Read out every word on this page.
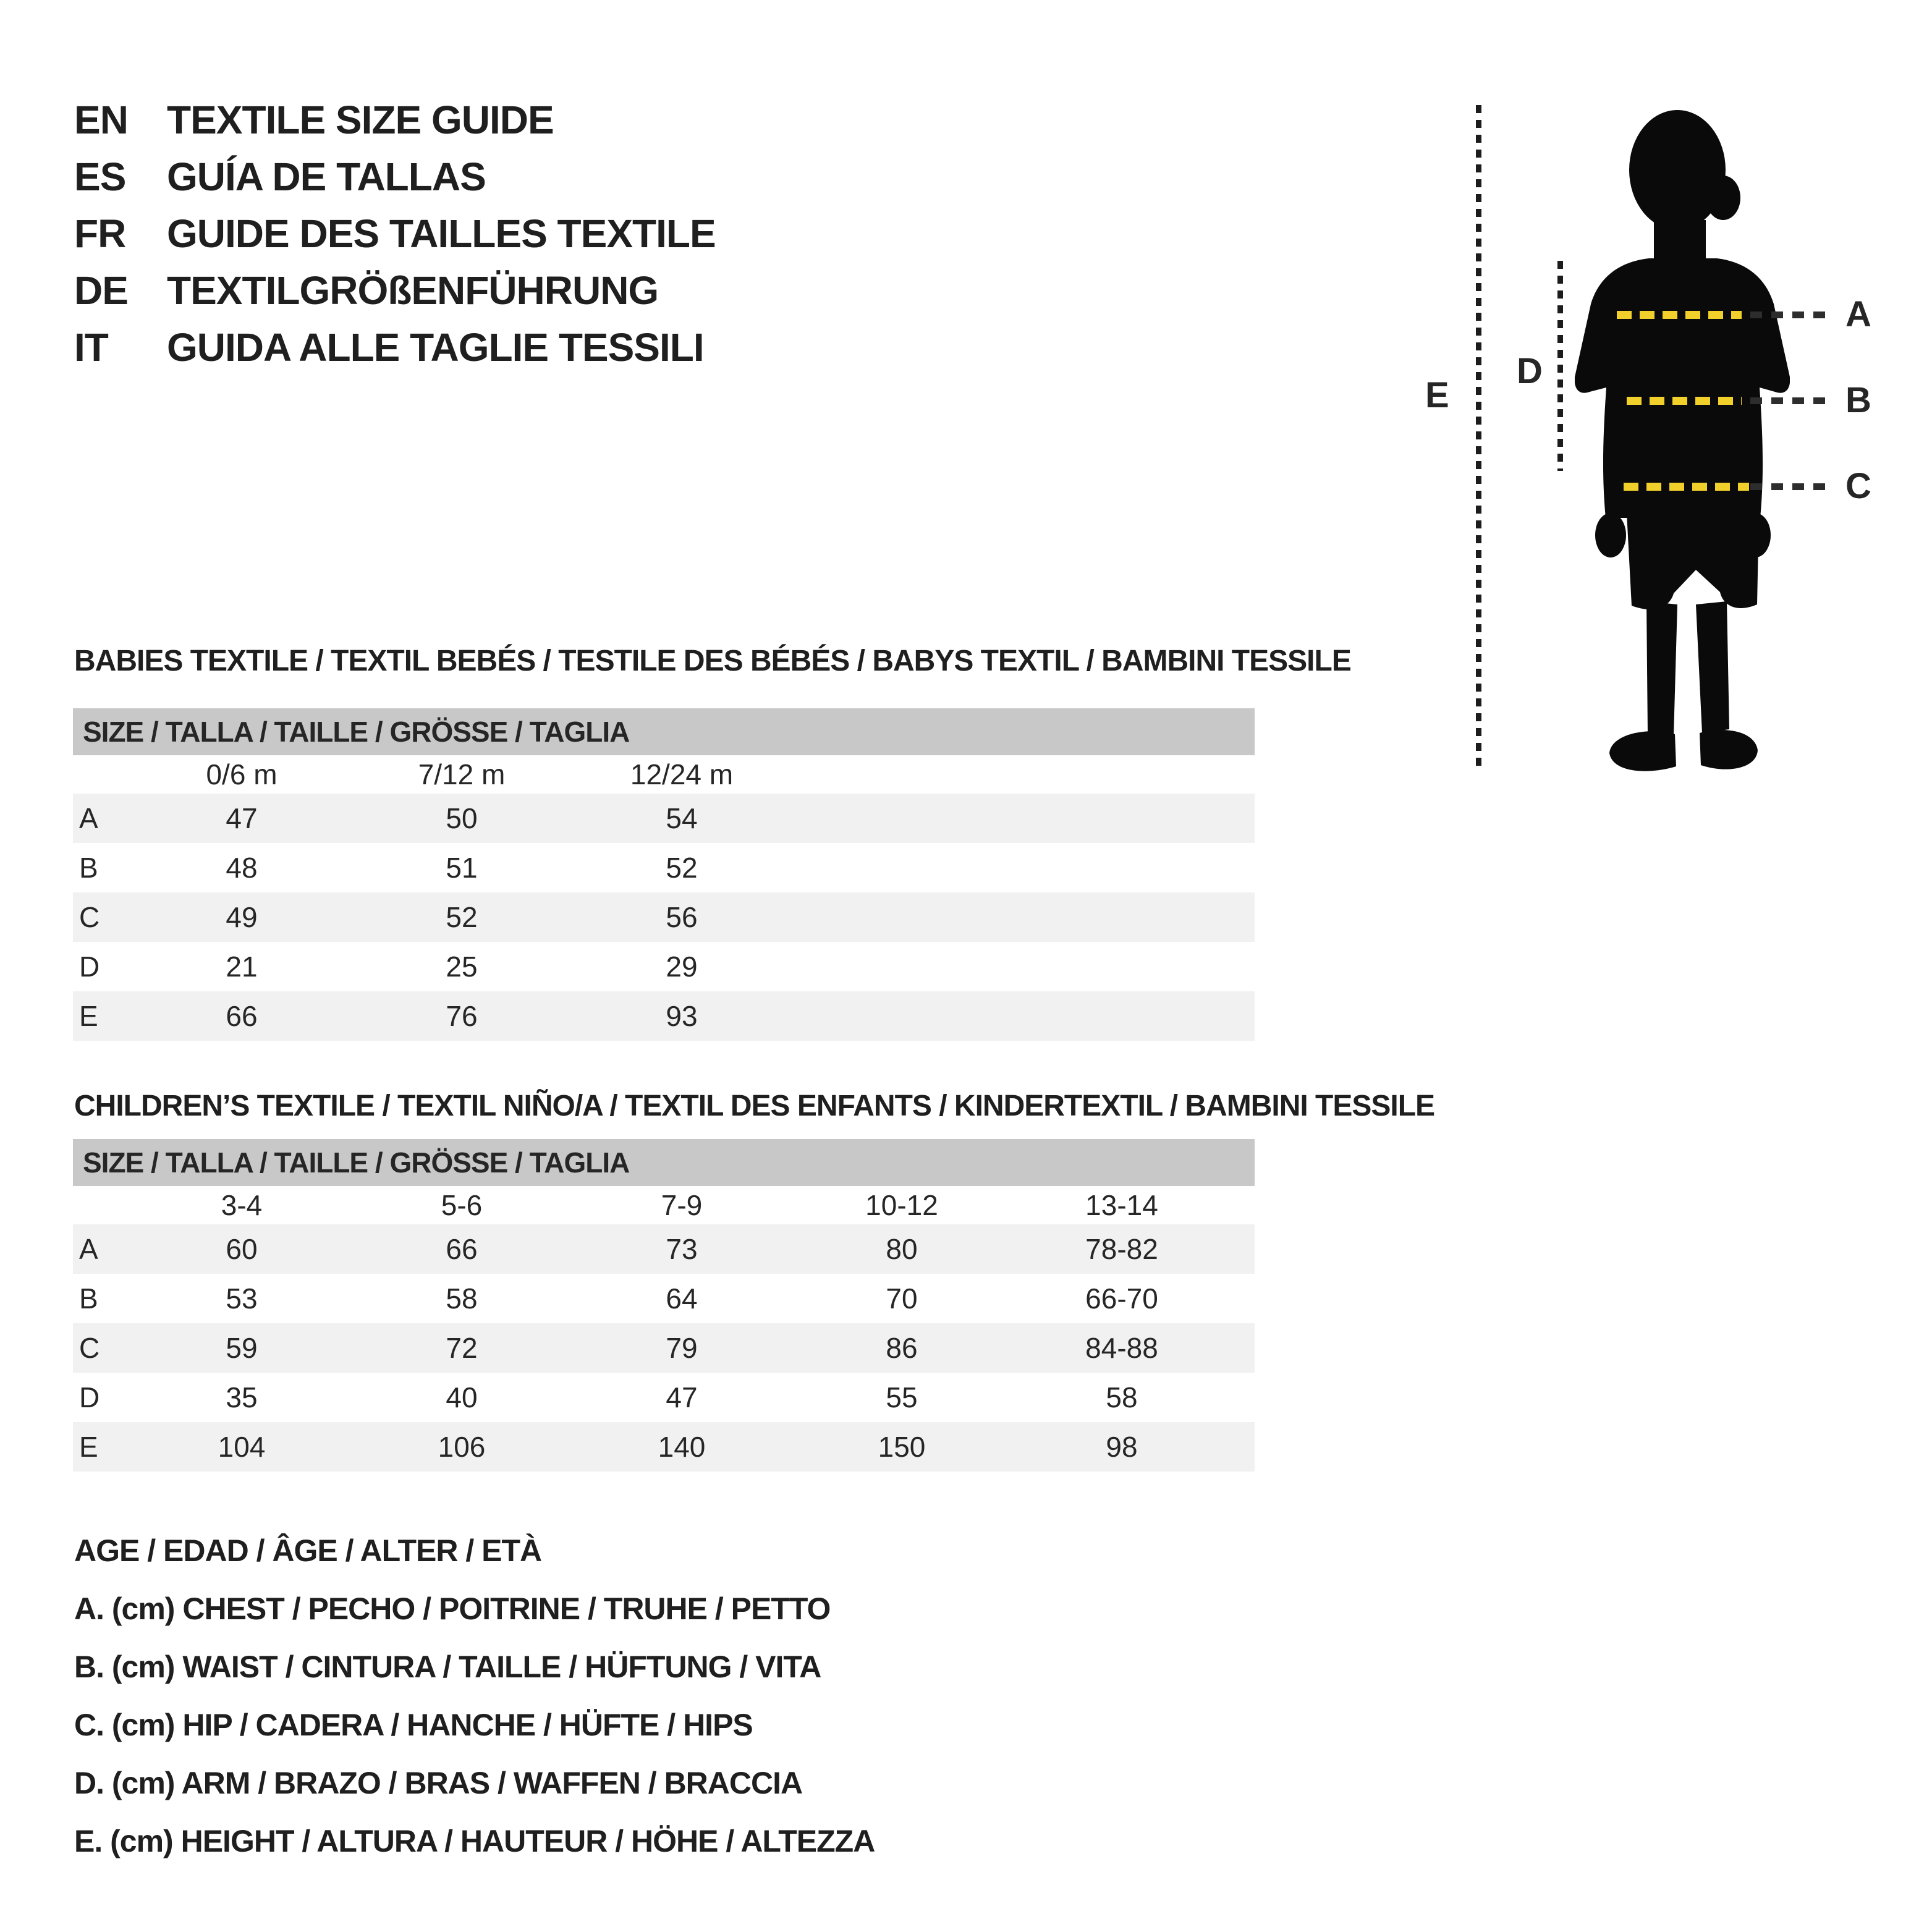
EN TEXTILE SIZE GUIDE
ES	GUÍA DE TALLAS
FR	GUIDE DES TAILLES TEXTILE
DE TEXTILGRÖßENFÜHRUNG
IT	GUIDA ALLE TAGLIE TESSILI
A
B
C
D
E
BABIES TEXTILE / TEXTIL BEBÉS / TESTILE DES BÉBÉS / BABYS TEXTIL / BAMBINI TESSILE
SIZE / TALLA / TAILLE / GRÖSSE / TAGLIA
	0/6 m	7/12 m	12/24 m	
A	47	50	54	
B	48	51	52	
C	49	52	56	
D	21	25	29	
E	66	76	93	
CHILDREN’S TEXTILE / TEXTIL NIÑO/A / TEXTIL DES ENFANTS / KINDERTEXTIL / BAMBINI TESSILE
SIZE / TALLA / TAILLE / GRÖSSE / TAGLIA
	3-4	5-6	7-9	10-12	13-14	
A	60	66	73	80	78-82	
B	53	58	64	70	66-70	
C	59	72	79	86	84-88	
D	35	40	47	55	58	
E	104	106	140	150	98	
AGE / EDAD / ÂGE / ALTER / ETÀ
A. (cm) CHEST / PECHO / POITRINE / TRUHE / PETTO
B. (cm) WAIST / CINTURA / TAILLE / HÜFTUNG / VITA
C. (cm) HIP / CADERA / HANCHE / HÜFTE / HIPS
D. (cm) ARM / BRAZO / BRAS / WAFFEN / BRACCIA
E. (cm) HEIGHT / ALTURA / HAUTEUR / HÖHE / ALTEZZA
